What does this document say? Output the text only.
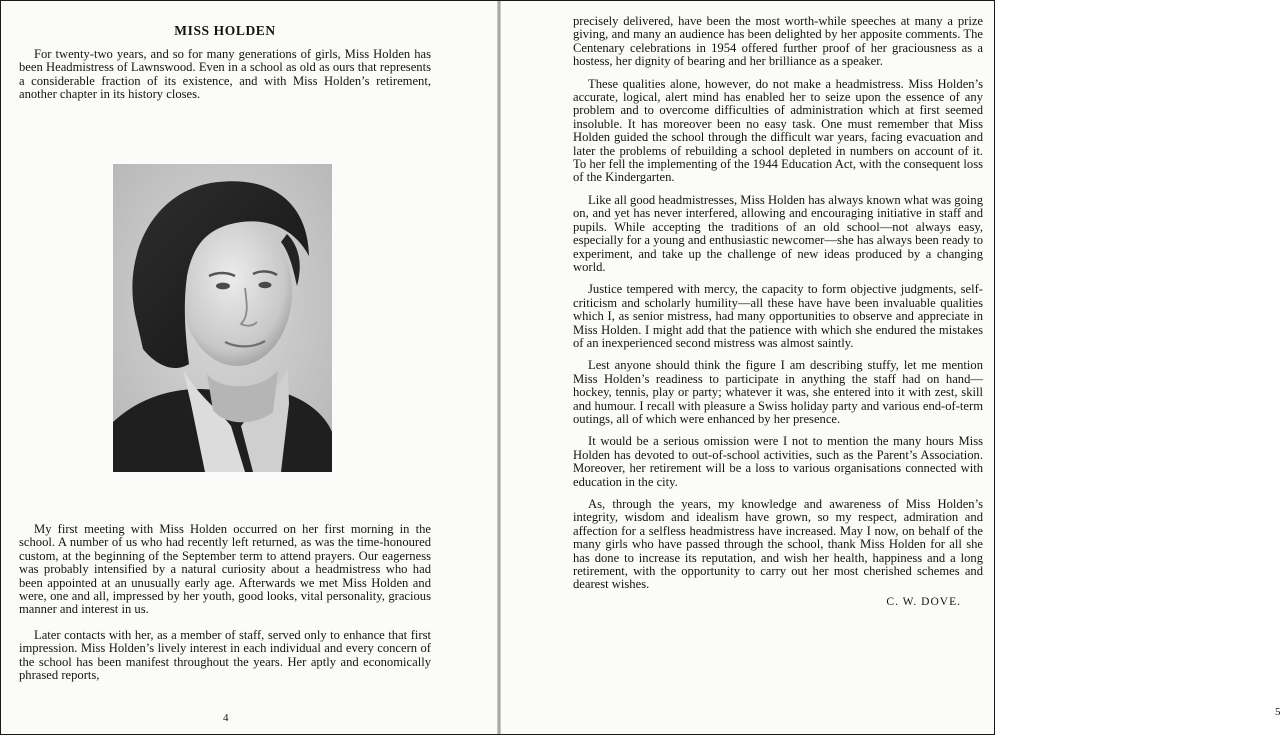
MISS HOLDEN

For twenty-two years, and so for many generations of girls, Miss Holden has been Headmistress of Lawnswood. Even in a school as old as ours that represents a considerable fraction of its existence, and with Miss Holden’s retirement, another chapter in its history closes.

My first meeting with Miss Holden occurred on her first morning in the school. A number of us who had recently left returned, as was the time-honoured custom, at the beginning of the September term to attend prayers. Our eagerness was probably intensified by a natural curiosity about a headmistress who had been appointed at an unusually early age. Afterwards we met Miss Holden and were, one and all, impressed by her youth, good looks, vital personality, gracious manner and interest in us.

Later contacts with her, as a member of staff, served only to enhance that first impression. Miss Holden’s lively interest in each individual and every concern of the school has been manifest throughout the years. Her aptly and economically phrased reports,

4

precisely delivered, have been the most worth-while speeches at many a prize giving, and many an audience has been delighted by her apposite comments. The Centenary celebrations in 1954 offered further proof of her graciousness as a hostess, her dignity of bearing and her brilliance as a speaker.

These qualities alone, however, do not make a headmistress. Miss Holden’s accurate, logical, alert mind has enabled her to seize upon the essence of any problem and to overcome difficulties of administration which at first seemed insoluble. It has moreover been no easy task. One must remember that Miss Holden guided the school through the difficult war years, facing evacuation and later the problems of rebuilding a school depleted in numbers on account of it. To her fell the implementing of the 1944 Education Act, with the consequent loss of the Kindergarten.

Like all good headmistresses, Miss Holden has always known what was going on, and yet has never interfered, allowing and encouraging initiative in staff and pupils. While accepting the traditions of an old school—not always easy, especially for a young and enthusiastic newcomer—she has always been ready to experiment, and take up the challenge of new ideas produced by a changing world.

Justice tempered with mercy, the capacity to form objective judgments, self-criticism and scholarly humility—all these have have been invaluable qualities which I, as senior mistress, had many opportunities to observe and appreciate in Miss Holden. I might add that the patience with which she endured the mistakes of an inexperienced second mistress was almost saintly.

Lest anyone should think the figure I am describing stuffy, let me mention Miss Holden’s readiness to participate in anything the staff had on hand—hockey, tennis, play or party; whatever it was, she entered into it with zest, skill and humour. I recall with pleasure a Swiss holiday party and various end-of-term outings, all of which were enhanced by her presence.

It would be a serious omission were I not to mention the many hours Miss Holden has devoted to out-of-school activities, such as the Parent’s Association. Moreover, her retirement will be a loss to various organisations connected with education in the city.

As, through the years, my knowledge and awareness of Miss Holden’s integrity, wisdom and idealism have grown, so my respect, admiration and affection for a selfless headmistress have increased. May I now, on behalf of the many girls who have passed through the school, thank Miss Holden for all she has done to increase its reputation, and wish her health, happiness and a long retirement, with the opportunity to carry out her most cherished schemes and dearest wishes.

C. W. DOVE.
5
